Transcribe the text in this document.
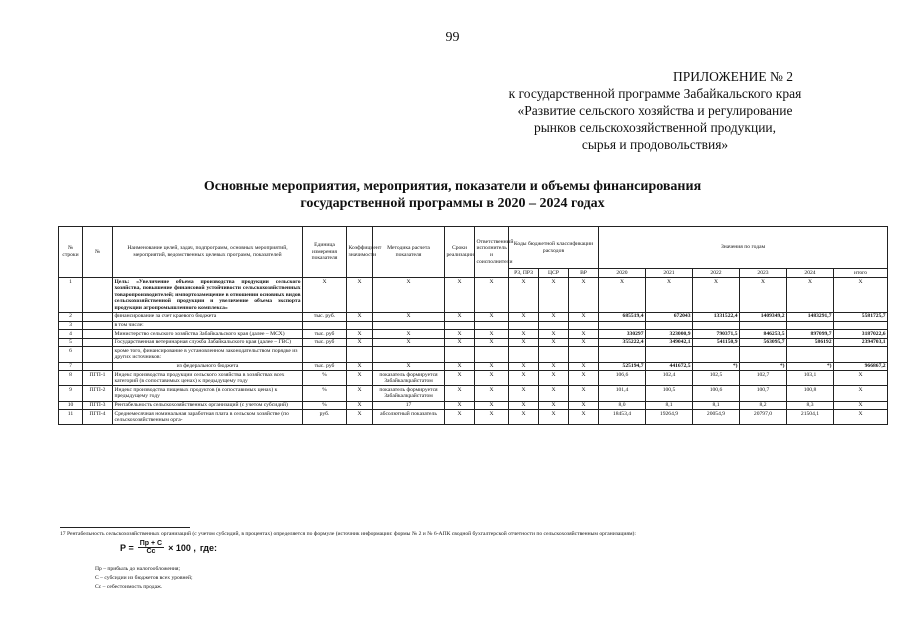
99
ПРИЛОЖЕНИЕ № 2
к государственной программе Забайкальского края
«Развитие сельского хозяйства и регулирование
рынков сельскохозяйственной продукции,
сырья и продовольствия»
Основные мероприятия, мероприятия, показатели и объемы финансирования
государственной программы в 2020 – 2024 годах
№ строки	№	Наименование целей, задач, подпрограмм, основных мероприятий, мероприятий, ведомственных целевых программ, показателей	Единица измерения показателя	Коэффициент значимости	Методика расчета показателя	Сроки реализации	Ответственный исполнитель и соисполнители	Коды бюджетной классификации расходов			Значения по годам					
								РЗ, ПРЗ	ЦСР	ВР	2020	2021	2022	2023	2024	итого
1		Цель: «Увеличение объема производства продукции сельского хозяйства, повышение финансовой устойчивости сельскохозяйственных товаропроизводителей; импортозамещение в отношении основных видов сельскохозяйственной продукции и увеличение объема экспорта продукции агропромышленного комплекса»	Х	Х	Х	Х	Х	Х	Х	Х	Х	Х	Х	Х	Х	Х
2		финансирование за счет краевого бюджета	тыс. руб.	Х	Х	Х	Х	Х	Х	Х	685519,4	672043	1331522,4	1409349,2	1483291,7	5581725,7
3		в том числе:														
4		Министерство сельского хозяйства Забайкальского края (далее – МСХ)	тыс. руб	Х	Х	Х	Х	Х	Х	Х	330297	323000,9	790371,5	846253,5	897099,7	3187022,6
5		Государственная ветеринарная служба Забайкальского края (далее – ГВС)	тыс. руб	Х	Х	Х	Х	Х	Х	Х	355222,4	349042,1	541150,9	563095,7	586192	2394703,1
6		кроме того, финансирование в установленном законодательством порядке из других источников:														
7		из федерального бюджета	тыс. руб	Х	Х	Х	Х	Х	Х	Х	525194,7	441672,5	*)	*)	*)	966867,2
8	ПГП-1	Индекс производства продукции сельского хозяйства в хозяйствах всех категорий (в сопоставимых ценах) к предыдущему году	%	Х	показатель формируется Забайкалкрайстатом	Х	Х	Х	Х	Х	106,6	102,4	102,5	102,7	103,1	Х
9	ПГП-2	Индекс производства пищевых продуктов (в сопоставимых ценах) к предыдущему году	%	Х	показатель формируется Забайкалкрайстатом	Х	Х	Х	Х	Х	101,4	100,5	100,6	100,7	100,8	Х
10	ПГП-3	Рентабельность сельскохозяйственных организаций (с учетом субсидий)	%	Х	17	Х	Х	Х	Х	Х	8,0	8,1	8,1	8,2	8,3	Х
11	ПГП-4	Среднемесячная номинальная заработная плата в сельском хозяйстве (по сельскохозяйственным орга-	руб.	Х	абсолютный показатель	Х	Х	Х	Х	Х	18453,4	19264,9	20054,9	20797,0	21504,1	Х
17 Рентабельность сельскохозяйственных организаций (с учетом субсидий, в процентах) определяется по формуле (источник информации: формы № 2 и № 6-АПК сводной бухгалтерской отчетности по сельскохозяйственным организациям):
$Р = \frac{Пр + С}{Сс} \times 100$ , где:
Пр – прибыль до налогообложения;
С – субсидии из бюджетов всех уровней;
Сс – себестоимость продаж.
